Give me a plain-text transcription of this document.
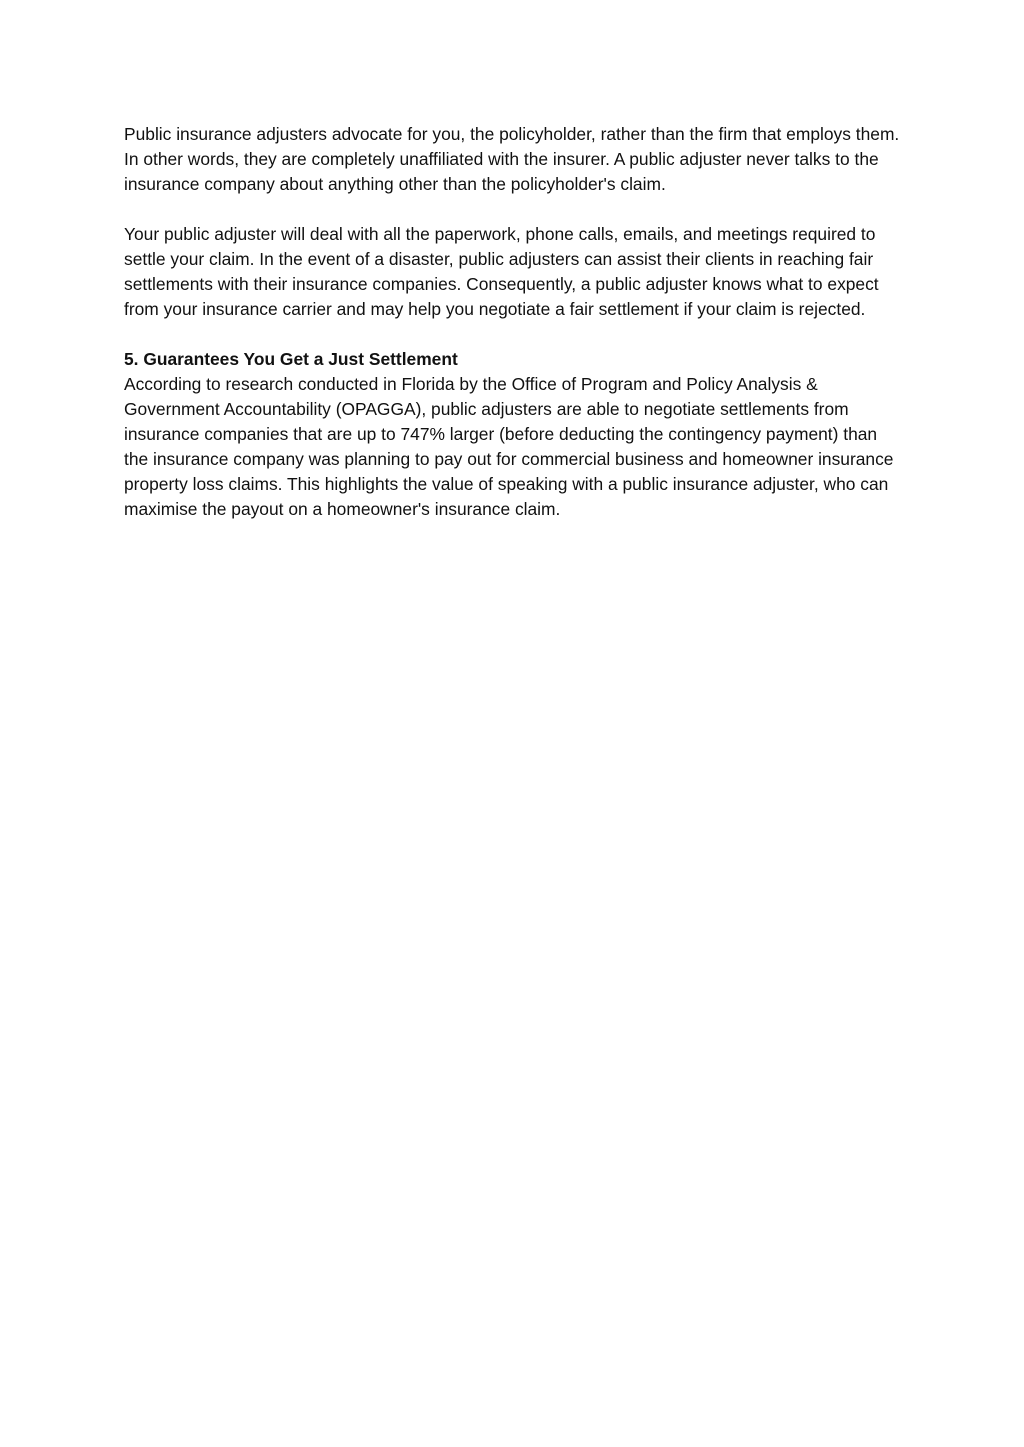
Public insurance adjusters advocate for you, the policyholder, rather than the firm that employs them. In other words, they are completely unaffiliated with the insurer. A public adjuster never talks to the insurance company about anything other than the policyholder's claim.

Your public adjuster will deal with all the paperwork, phone calls, emails, and meetings required to settle your claim. In the event of a disaster, public adjusters can assist their clients in reaching fair settlements with their insurance companies. Consequently, a public adjuster knows what to expect from your insurance carrier and may help you negotiate a fair settlement if your claim is rejected.

5. Guarantees You Get a Just Settlement

According to research conducted in Florida by the Office of Program and Policy Analysis & Government Accountability (OPAGGA), public adjusters are able to negotiate settlements from insurance companies that are up to 747% larger (before deducting the contingency payment) than the insurance company was planning to pay out for commercial business and homeowner insurance property loss claims. This highlights the value of speaking with a public insurance adjuster, who can maximise the payout on a homeowner's insurance claim.
